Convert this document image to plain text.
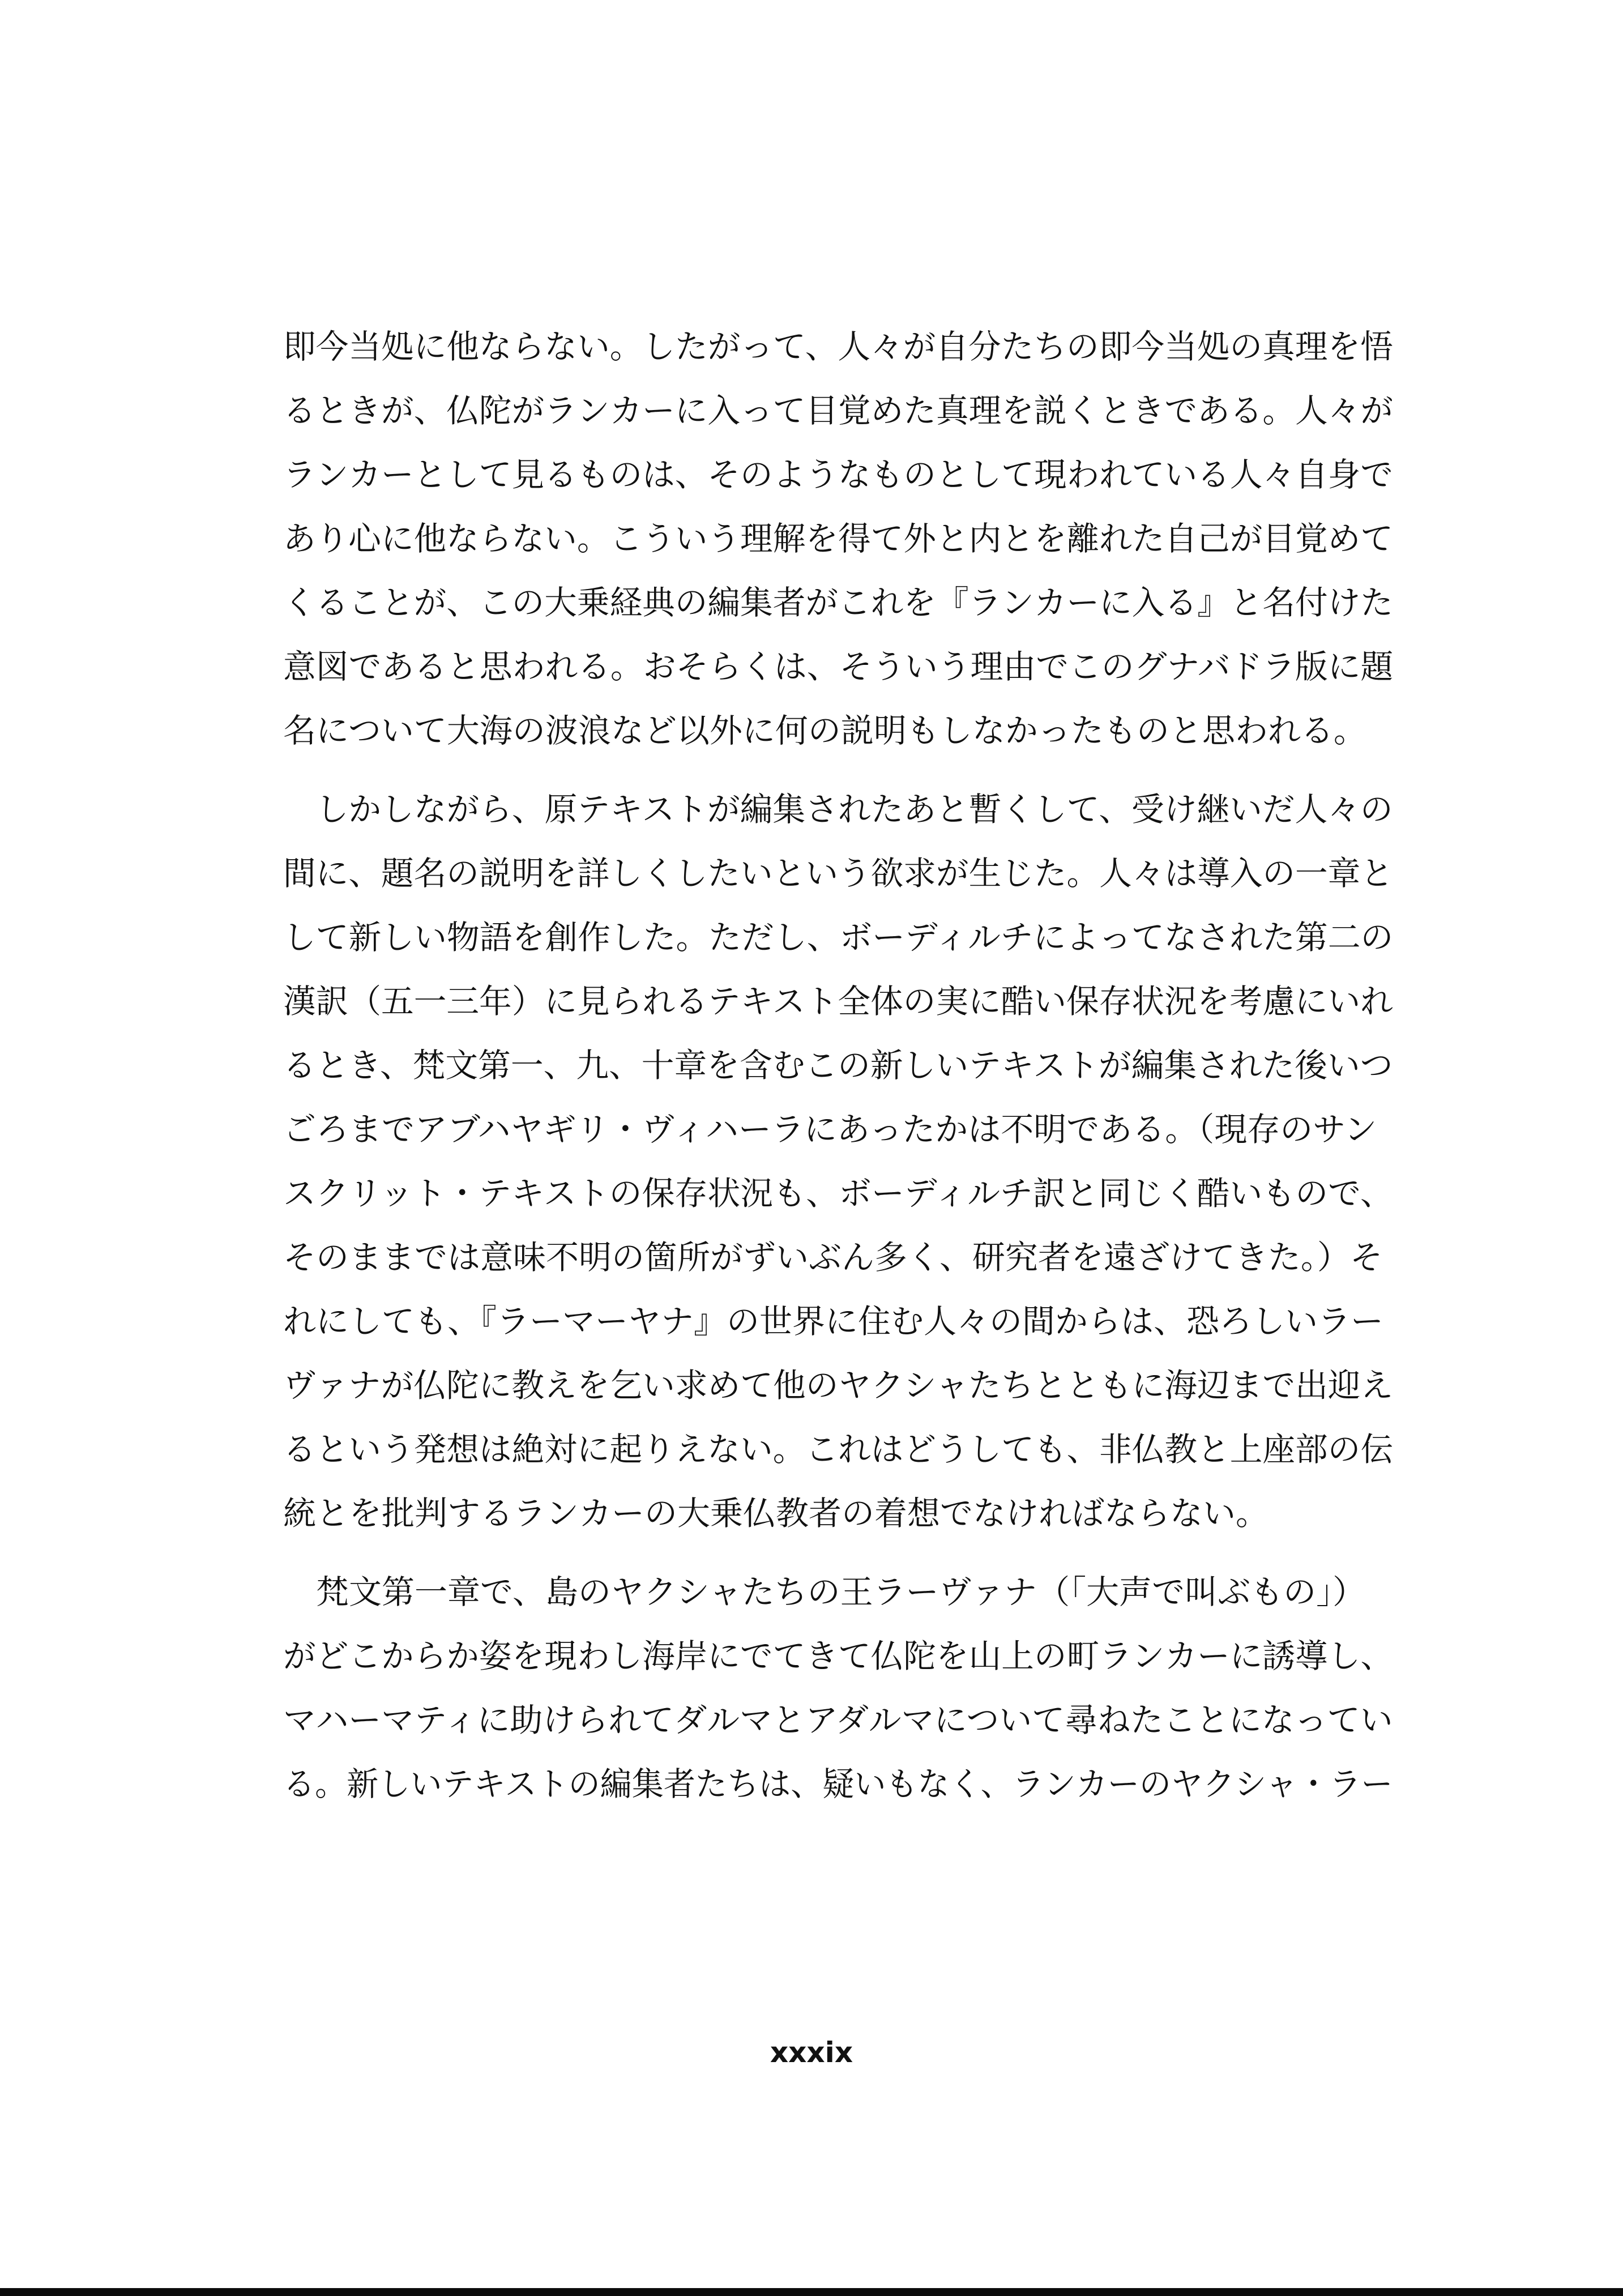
即今当処に他ならない。したがって、人々が自分たちの即今当処の真理を悟
るときが、仏陀がランカーに入って目覚めた真理を説くときである。人々が
ランカーとして見るものは、そのようなものとして現われている人々自身で
あり心に他ならない。こういう理解を得て外と内とを離れた自己が目覚めて
くることが、この大乗経典の編集者がこれを『ランカーに入る』と名付けた
意図であると思われる。おそらくは、そういう理由でこのグナバドラ版に題
名について大海の波浪など以外に何の説明もしなかったものと思われる。

　しかしながら、原テキストが編集されたあと暫くして、受け継いだ人々の
間に、題名の説明を詳しくしたいという欲求が生じた。人々は導入の一章と
して新しい物語を創作した。ただし、ボーディルチによってなされた第二の
漢訳（五一三年）に見られるテキスト全体の実に酷い保存状況を考慮にいれ
るとき、梵文第一、九、十章を含むこの新しいテキストが編集された後いつ
ごろまでアブハヤギリ・ヴィハーラにあったかは不明である。（現存のサン
スクリット・テキストの保存状況も、ボーディルチ訳と同じく酷いもので、
そのままでは意味不明の箇所がずいぶん多く、研究者を遠ざけてきた。）そ
れにしても、『ラーマーヤナ』の世界に住む人々の間からは、恐ろしいラー
ヴァナが仏陀に教えを乞い求めて他のヤクシャたちとともに海辺まで出迎え
るという発想は絶対に起りえない。これはどうしても、非仏教と上座部の伝
統とを批判するランカーの大乗仏教者の着想でなければならない。

　梵文第一章で、島のヤクシャたちの王ラーヴァナ（「大声で叫ぶもの」）
がどこからか姿を現わし海岸にでてきて仏陀を山上の町ランカーに誘導し、
マハーマティに助けられてダルマとアダルマについて尋ねたことになってい
る。新しいテキストの編集者たちは、疑いもなく、ランカーのヤクシャ・ラー

xxxix
